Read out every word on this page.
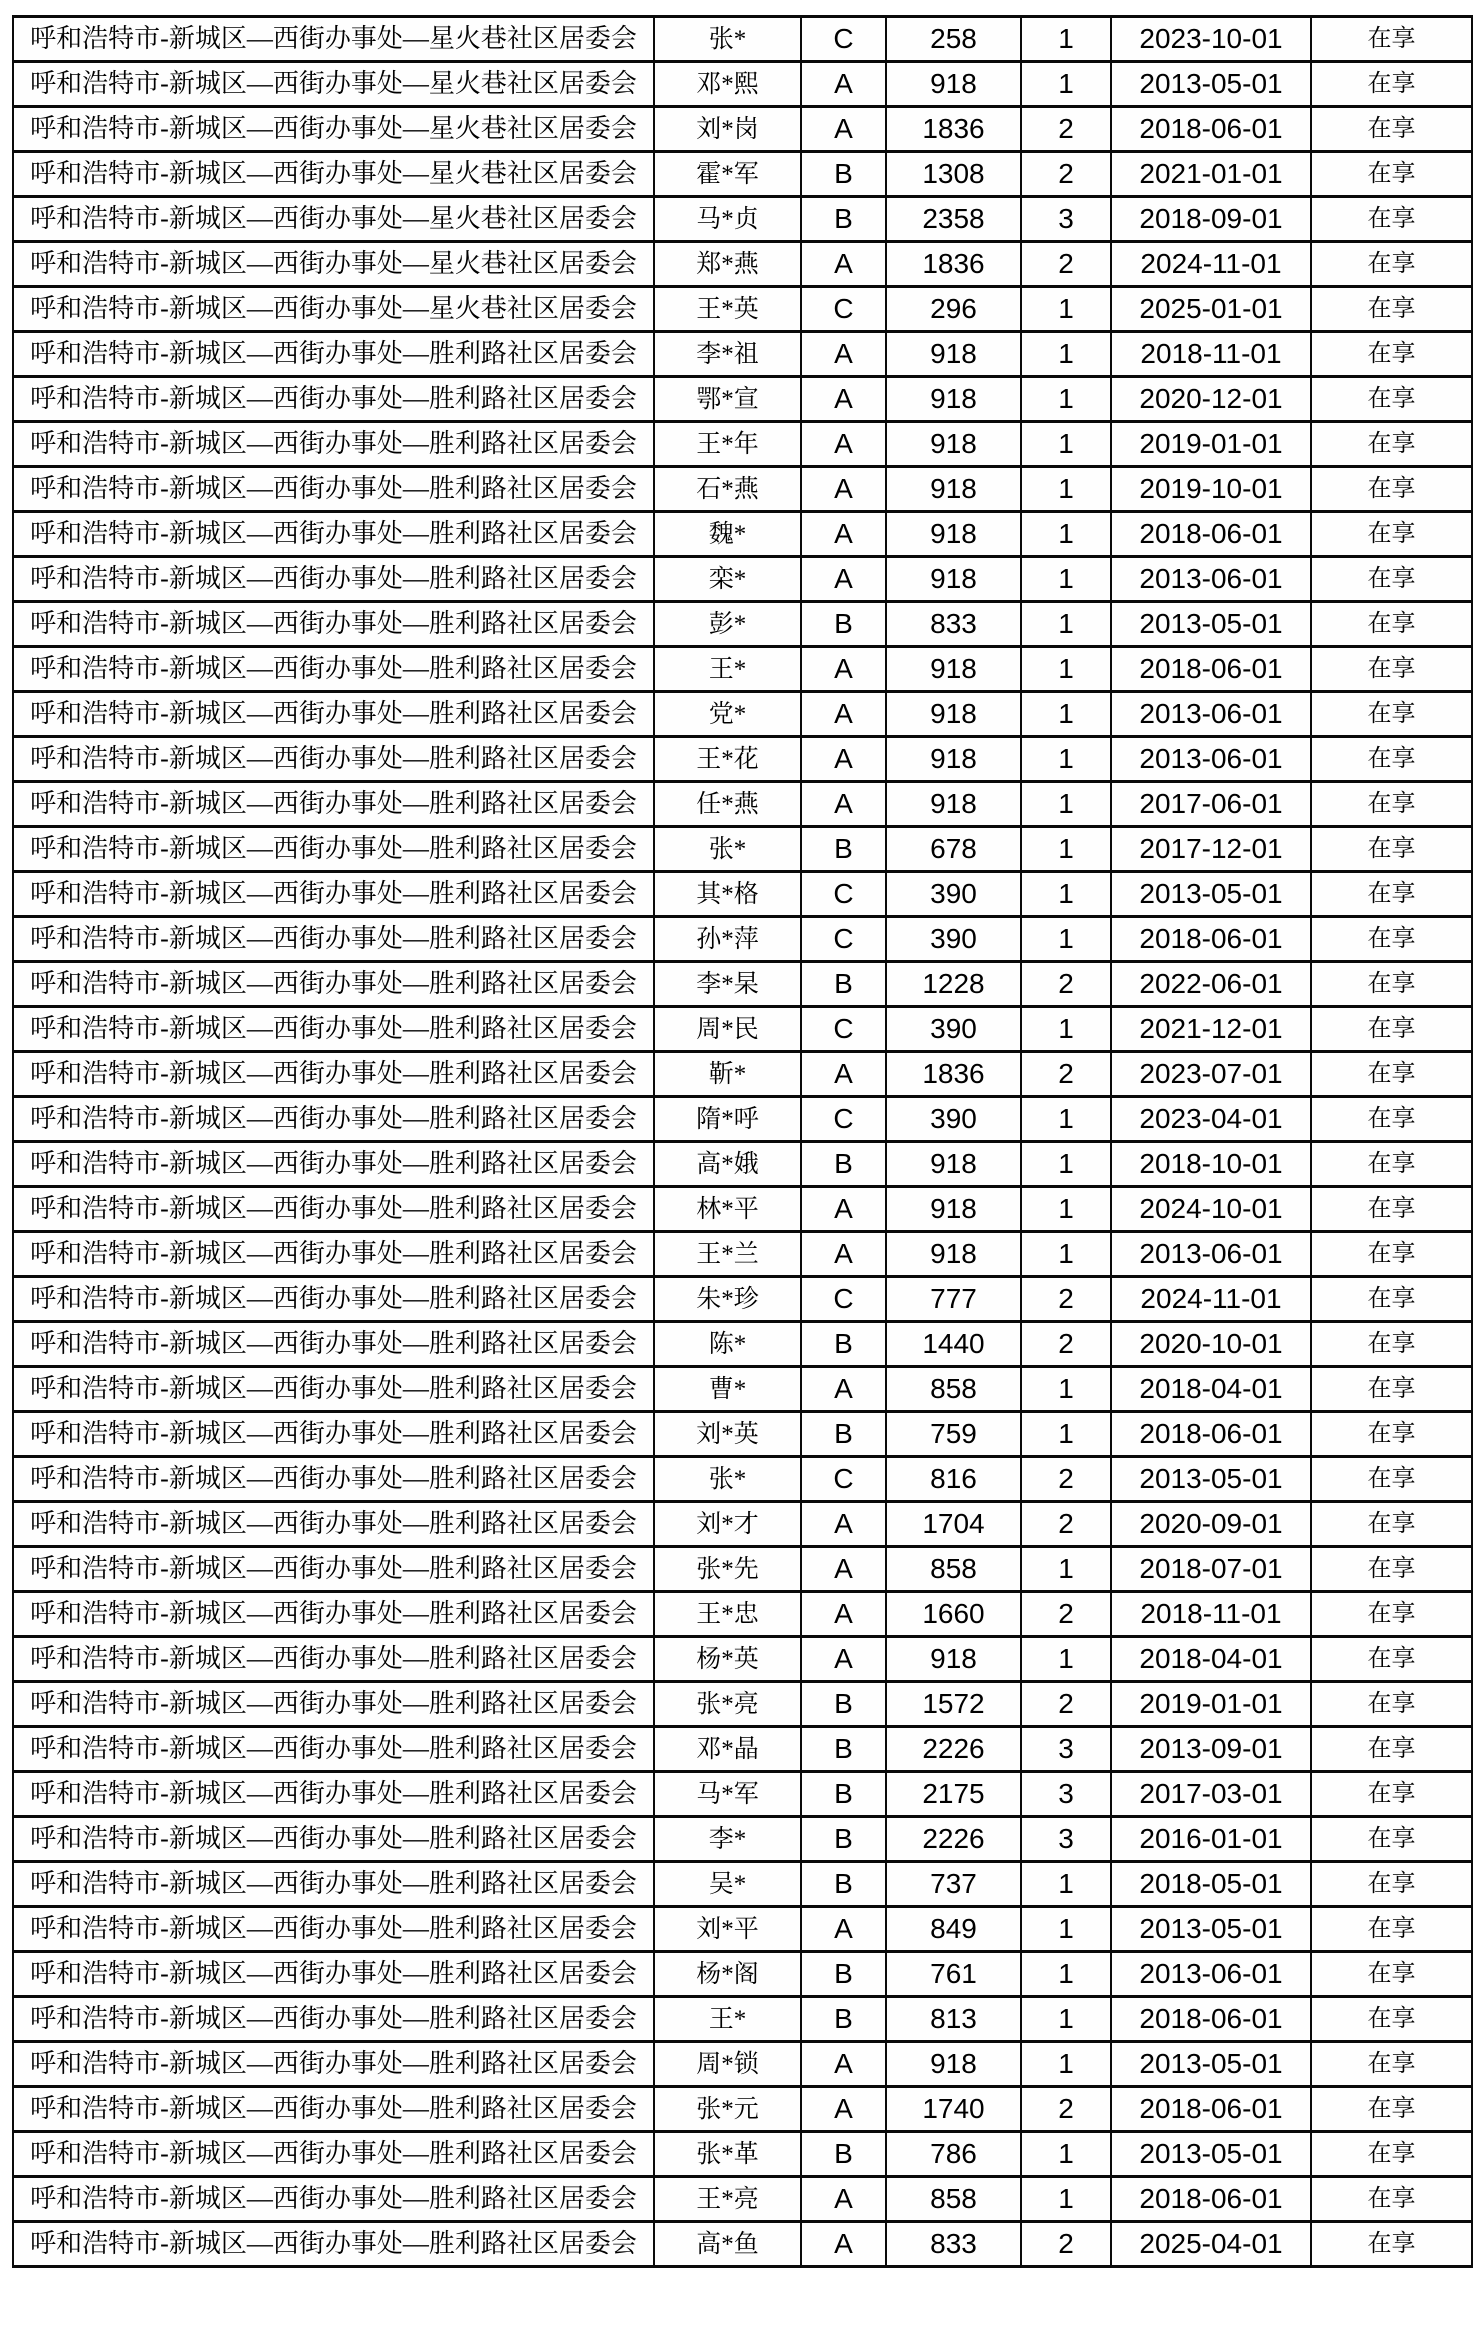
呼和浩特市-新城区—西街办事处—星火巷社区居委会	张*	C	258	1	2023-10-01	在享
呼和浩特市-新城区—西街办事处—星火巷社区居委会	邓*熙	A	918	1	2013-05-01	在享
呼和浩特市-新城区—西街办事处—星火巷社区居委会	刘*岗	A	1836	2	2018-06-01	在享
呼和浩特市-新城区—西街办事处—星火巷社区居委会	霍*军	B	1308	2	2021-01-01	在享
呼和浩特市-新城区—西街办事处—星火巷社区居委会	马*贞	B	2358	3	2018-09-01	在享
呼和浩特市-新城区—西街办事处—星火巷社区居委会	郑*燕	A	1836	2	2024-11-01	在享
呼和浩特市-新城区—西街办事处—星火巷社区居委会	王*英	C	296	1	2025-01-01	在享
呼和浩特市-新城区—西街办事处—胜利路社区居委会	李*祖	A	918	1	2018-11-01	在享
呼和浩特市-新城区—西街办事处—胜利路社区居委会	鄂*宣	A	918	1	2020-12-01	在享
呼和浩特市-新城区—西街办事处—胜利路社区居委会	王*年	A	918	1	2019-01-01	在享
呼和浩特市-新城区—西街办事处—胜利路社区居委会	石*燕	A	918	1	2019-10-01	在享
呼和浩特市-新城区—西街办事处—胜利路社区居委会	魏*	A	918	1	2018-06-01	在享
呼和浩特市-新城区—西街办事处—胜利路社区居委会	栾*	A	918	1	2013-06-01	在享
呼和浩特市-新城区—西街办事处—胜利路社区居委会	彭*	B	833	1	2013-05-01	在享
呼和浩特市-新城区—西街办事处—胜利路社区居委会	王*	A	918	1	2018-06-01	在享
呼和浩特市-新城区—西街办事处—胜利路社区居委会	党*	A	918	1	2013-06-01	在享
呼和浩特市-新城区—西街办事处—胜利路社区居委会	王*花	A	918	1	2013-06-01	在享
呼和浩特市-新城区—西街办事处—胜利路社区居委会	任*燕	A	918	1	2017-06-01	在享
呼和浩特市-新城区—西街办事处—胜利路社区居委会	张*	B	678	1	2017-12-01	在享
呼和浩特市-新城区—西街办事处—胜利路社区居委会	其*格	C	390	1	2013-05-01	在享
呼和浩特市-新城区—西街办事处—胜利路社区居委会	孙*萍	C	390	1	2018-06-01	在享
呼和浩特市-新城区—西街办事处—胜利路社区居委会	李*杲	B	1228	2	2022-06-01	在享
呼和浩特市-新城区—西街办事处—胜利路社区居委会	周*民	C	390	1	2021-12-01	在享
呼和浩特市-新城区—西街办事处—胜利路社区居委会	靳*	A	1836	2	2023-07-01	在享
呼和浩特市-新城区—西街办事处—胜利路社区居委会	隋*呼	C	390	1	2023-04-01	在享
呼和浩特市-新城区—西街办事处—胜利路社区居委会	高*娥	B	918	1	2018-10-01	在享
呼和浩特市-新城区—西街办事处—胜利路社区居委会	林*平	A	918	1	2024-10-01	在享
呼和浩特市-新城区—西街办事处—胜利路社区居委会	王*兰	A	918	1	2013-06-01	在享
呼和浩特市-新城区—西街办事处—胜利路社区居委会	朱*珍	C	777	2	2024-11-01	在享
呼和浩特市-新城区—西街办事处—胜利路社区居委会	陈*	B	1440	2	2020-10-01	在享
呼和浩特市-新城区—西街办事处—胜利路社区居委会	曹*	A	858	1	2018-04-01	在享
呼和浩特市-新城区—西街办事处—胜利路社区居委会	刘*英	B	759	1	2018-06-01	在享
呼和浩特市-新城区—西街办事处—胜利路社区居委会	张*	C	816	2	2013-05-01	在享
呼和浩特市-新城区—西街办事处—胜利路社区居委会	刘*才	A	1704	2	2020-09-01	在享
呼和浩特市-新城区—西街办事处—胜利路社区居委会	张*先	A	858	1	2018-07-01	在享
呼和浩特市-新城区—西街办事处—胜利路社区居委会	王*忠	A	1660	2	2018-11-01	在享
呼和浩特市-新城区—西街办事处—胜利路社区居委会	杨*英	A	918	1	2018-04-01	在享
呼和浩特市-新城区—西街办事处—胜利路社区居委会	张*亮	B	1572	2	2019-01-01	在享
呼和浩特市-新城区—西街办事处—胜利路社区居委会	邓*晶	B	2226	3	2013-09-01	在享
呼和浩特市-新城区—西街办事处—胜利路社区居委会	马*军	B	2175	3	2017-03-01	在享
呼和浩特市-新城区—西街办事处—胜利路社区居委会	李*	B	2226	3	2016-01-01	在享
呼和浩特市-新城区—西街办事处—胜利路社区居委会	吴*	B	737	1	2018-05-01	在享
呼和浩特市-新城区—西街办事处—胜利路社区居委会	刘*平	A	849	1	2013-05-01	在享
呼和浩特市-新城区—西街办事处—胜利路社区居委会	杨*阁	B	761	1	2013-06-01	在享
呼和浩特市-新城区—西街办事处—胜利路社区居委会	王*	B	813	1	2018-06-01	在享
呼和浩特市-新城区—西街办事处—胜利路社区居委会	周*锁	A	918	1	2013-05-01	在享
呼和浩特市-新城区—西街办事处—胜利路社区居委会	张*元	A	1740	2	2018-06-01	在享
呼和浩特市-新城区—西街办事处—胜利路社区居委会	张*革	B	786	1	2013-05-01	在享
呼和浩特市-新城区—西街办事处—胜利路社区居委会	王*亮	A	858	1	2018-06-01	在享
呼和浩特市-新城区—西街办事处—胜利路社区居委会	高*鱼	A	833	2	2025-04-01	在享
